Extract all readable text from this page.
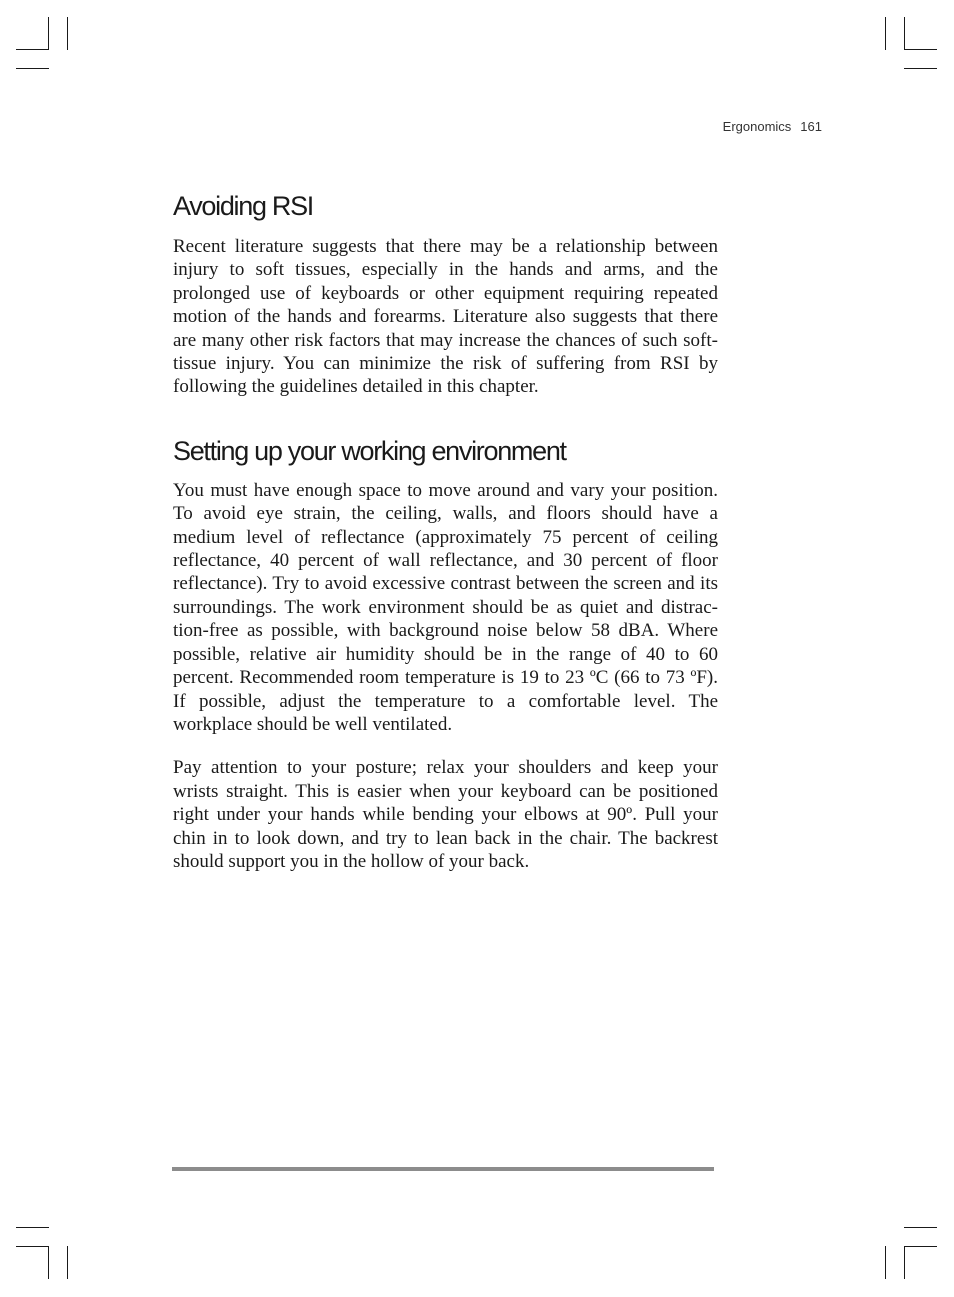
Ergonomics 161
Avoiding RSI

Recent literature suggests that there may be a relationship between injury to soft tissues, especially in the hands and arms, and the prolonged use of keyboards or other equipment requiring repeated motion of the hands and forearms. Literature also suggests that there are many other risk factors that may increase the chances of such soft-tissue injury. You can minimize the risk of suffering from RSI by following the guidelines detailed in this chapter.

Setting up your working environment

You must have enough space to move around and vary your position. To avoid eye strain, the ceiling, walls, and floors should have a medium level of reflectance (approximately 75 percent of ceiling reflectance, 40 percent of wall reflectance, and 30 percent of floor reflectance). Try to avoid excessive contrast between the screen and its surroundings. The work environment should be as quiet and distraction-free as possible, with background noise below 58 dBA. Where possible, relative air humidity should be in the range of 40 to 60 percent. Recommended room temperature is 19 to 23 ºC (66 to 73 ºF). If possible, adjust the temperature to a comfortable level. The workplace should be well ventilated.

Pay attention to your posture; relax your shoulders and keep your wrists straight. This is easier when your keyboard can be positioned right under your hands while bending your elbows at 90º. Pull your chin in to look down, and try to lean back in the chair. The backrest should support you in the hollow of your back.
